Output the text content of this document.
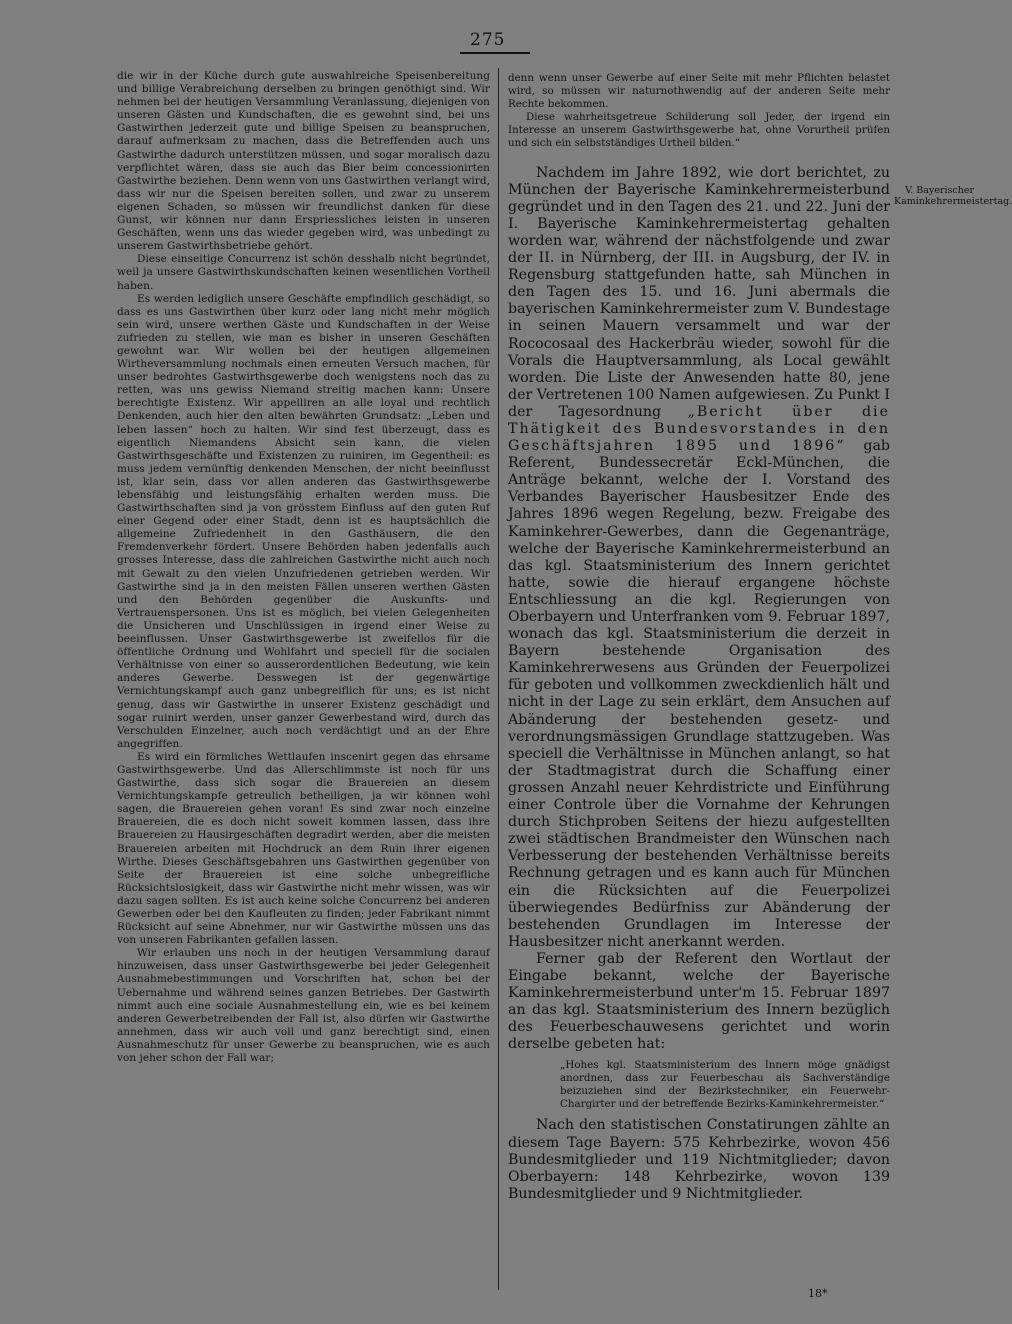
275

die wir in der Küche durch gute auswahlreiche Speisenbereitung und billige Verabreichung derselben zu bringen genöthigt sind. Wir nehmen bei der heutigen Versammlung Veranlassung, diejenigen von unseren Gästen und Kundschaften, die es gewohnt sind, bei uns Gastwirthen jederzeit gute und billige Speisen zu beanspruchen, darauf aufmerksam zu machen, dass die Betreffenden auch uns Gastwirthe dadurch unterstützen müssen, und sogar moralisch dazu verpflichtet wären, dass sie auch das Bier beim concessionirten Gastwirthe beziehen. Denn wenn von uns Gastwirthen verlangt wird, dass wir nur die Speisen bereiten sollen, und zwar zu unserem eigenen Schaden, so müssen wir freundlichst danken für diese Gunst, wir können nur dann Erspriessliches leisten in unseren Geschäften, wenn uns das wieder gegeben wird, was unbedingt zu unserem Gastwirthsbetriebe gehört.

Diese einseitige Concurrenz ist schön desshalb nicht begründet, weil ja unsere Gastwirthskundschaften keinen wesentlichen Vortheil haben.

Es werden lediglich unsere Geschäfte empfindlich geschädigt, so dass es uns Gastwirthen über kurz oder lang nicht mehr möglich sein wird, unsere werthen Gäste und Kundschaften in der Weise zufrieden zu stellen, wie man es bisher in unseren Geschäften gewohnt war. Wir wollen bei der heutigen allgemeinen Wirtheversammlung nochmals einen erneuten Versuch machen, für unser bedrohtes Gastwirthsgewerbe doch wenigstens noch das zu retten, was uns gewiss Niemand streitig machen kann: Unsere berechtigte Existenz. Wir appelliren an alle loyal und rechtlich Denkenden, auch hier den alten bewährten Grundsatz: „Leben und leben lassen“ hoch zu halten. Wir sind fest überzeugt, dass es eigentlich Niemandens Absicht sein kann, die vielen Gastwirthsgeschäfte und Existenzen zu ruiniren, im Gegentheil: es muss jedem vernünftig denkenden Menschen, der nicht beeinflusst ist, klar sein, dass vor allen anderen das Gastwirthsgewerbe lebensfähig und leistungsfähig erhalten werden muss. Die Gastwirthschaften sind ja von grösstem Einfluss auf den guten Ruf einer Gegend oder einer Stadt, denn ist es hauptsächlich die allgemeine Zufriedenheit in den Gasthäusern, die den Fremdenverkehr fördert. Unsere Behörden haben jedenfalls auch grosses Interesse, dass die zahlreichen Gastwirthe nicht auch noch mit Gewalt zu den vielen Unzufriedenen getrieben werden. Wir Gastwirthe sind ja in den meisten Fällen unseren werthen Gästen und den Behörden gegenüber die Auskunfts- und Vertrauenspersonen. Uns ist es möglich, bei vielen Gelegenheiten die Unsicheren und Unschlüssigen in irgend einer Weise zu beeinflussen. Unser Gastwirthsgewerbe ist zweifellos für die öffentliche Ordnung und Wohlfahrt und speciell für die socialen Verhältnisse von einer so ausserordentlichen Bedeutung, wie kein anderes Gewerbe. Desswegen ist der gegenwärtige Vernichtungskampf auch ganz unbegreiflich für uns; es ist nicht genug, dass wir Gastwirthe in unserer Existenz geschädigt und sogar ruinirt werden, unser ganzer Gewerbestand wird, durch das Verschulden Einzelner, auch noch verdächtigt und an der Ehre angegriffen.

Es wird ein förmliches Wettlaufen inscenirt gegen das ehrsame Gastwirthsgewerbe. Und das Allerschlimmste ist noch für uns Gastwirthe, dass sich sogar die Brauereien an diesem Vernichtungskampfe getreulich betheiligen, ja wir können wohl sagen, die Brauereien gehen voran! Es sind zwar noch einzelne Brauereien, die es doch nicht soweit kommen lassen, dass ihre Brauereien zu Hausirgeschäften degradirt werden, aber die meisten Brauereien arbeiten mit Hochdruck an dem Ruin ihrer eigenen Wirthe. Dieses Geschäftsgebahren uns Gastwirthen gegenüber von Seite der Brauereien ist eine solche unbegreifliche Rücksichtslosigkeit, dass wir Gastwirthe nicht mehr wissen, was wir dazu sagen sollten. Es ist auch keine solche Concurrenz bei anderen Gewerben oder bei den Kaufleuten zu finden; jeder Fabrikant nimmt Rücksicht auf seine Abnehmer, nur wir Gastwirthe müssen uns das von unseren Fabrikanten gefallen lassen.

Wir erlauben uns noch in der heutigen Versammlung darauf hinzuweisen, dass unser Gastwirthsgewerbe bei jeder Gelegenheit Ausnahmebestimmungen und Vorschriften hat, schon bei der Uebernahme und während seines ganzen Betriebes. Der Gastwirth nimmt auch eine sociale Ausnahmestellung ein, wie es bei keinem anderen Gewerbetreibenden der Fall ist, also dürfen wir Gastwirthe annehmen, dass wir auch voll und ganz berechtigt sind, einen Ausnahmeschutz für unser Gewerbe zu beanspruchen, wie es auch von jeher schon der Fall war;

denn wenn unser Gewerbe auf einer Seite mit mehr Pflichten belastet wird, so müssen wir naturnothwendig auf der anderen Seite mehr Rechte bekommen.

Diese wahrheitsgetreue Schilderung soll Jeder, der irgend ein Interesse an unserem Gastwirthsgewerbe hat, ohne Vorurtheil prüfen und sich ein selbstständiges Urtheil bilden.“

Nachdem im Jahre 1892, wie dort berichtet, zu München der Bayerische Kaminkehrermeisterbund gegründet und in den Tagen des 21. und 22. Juni der I. Bayerische Kaminkehrermeistertag gehalten worden war, während der nächstfolgende und zwar der II. in Nürnberg, der III. in Augsburg, der IV. in Regensburg stattgefunden hatte, sah München in den Tagen des 15. und 16. Juni abermals die bayerischen Kaminkehrermeister zum V. Bundestage in seinen Mauern versammelt und war der Rococosaal des Hackerbräu wieder, sowohl für die Vorals die Hauptversammlung, als Local gewählt worden. Die Liste der Anwesenden hatte 80, jene der Vertretenen 100 Namen aufgewiesen. Zu Punkt I der Tagesordnung „Bericht über die Thätigkeit des Bundesvorstandes in den Geschäftsjahren 1895 und 1896“ gab Referent, Bundessecretär Eckl-München, die Anträge bekannt, welche der I. Vorstand des Verbandes Bayerischer Hausbesitzer Ende des Jahres 1896 wegen Regelung, bezw. Freigabe des Kaminkehrer-Gewerbes, dann die Gegenanträge, welche der Bayerische Kaminkehrermeisterbund an das kgl. Staatsministerium des Innern gerichtet hatte, sowie die hierauf ergangene höchste Entschliessung an die kgl. Regierungen von Oberbayern und Unterfranken vom 9. Februar 1897, wonach das kgl. Staatsministerium die derzeit in Bayern bestehende Organisation des Kaminkehrerwesens aus Gründen der Feuerpolizei für geboten und vollkommen zweckdienlich hält und nicht in der Lage zu sein erklärt, dem Ansuchen auf Abänderung der bestehenden gesetz- und verordnungsmässigen Grundlage stattzugeben. Was speciell die Verhältnisse in München anlangt, so hat der Stadtmagistrat durch die Schaffung einer grossen Anzahl neuer Kehrdistricte und Einführung einer Controle über die Vornahme der Kehrungen durch Stichproben Seitens der hiezu aufgestellten zwei städtischen Brandmeister den Wünschen nach Verbesserung der bestehenden Verhältnisse bereits Rechnung getragen und es kann auch für München ein die Rücksichten auf die Feuerpolizei überwiegendes Bedürfniss zur Abänderung der bestehenden Grundlagen im Interesse der Hausbesitzer nicht anerkannt werden.

Ferner gab der Referent den Wortlaut der Eingabe bekannt, welche der Bayerische Kaminkehrermeisterbund unter'm 15. Februar 1897 an das kgl. Staatsministerium des Innern bezüglich des Feuerbeschauwesens gerichtet und worin derselbe gebeten hat:

„Hohes kgl. Staatsministerium des Innern möge gnädigst anordnen, dass zur Feuerbeschau als Sachverständige beizuziehen sind der Bezirkstechniker, ein Feuerwehr-Chargirter und der betreffende Bezirks-Kaminkehrermeister.“

Nach den statistischen Constatirungen zählte an diesem Tage Bayern: 575 Kehrbezirke, wovon 456 Bundesmitglieder und 119 Nichtmitglieder; davon Oberbayern: 148 Kehrbezirke, wovon 139 Bundesmitglieder und 9 Nichtmitglieder.

V. Bayerischer Kaminkehrermeistertag.
18*
